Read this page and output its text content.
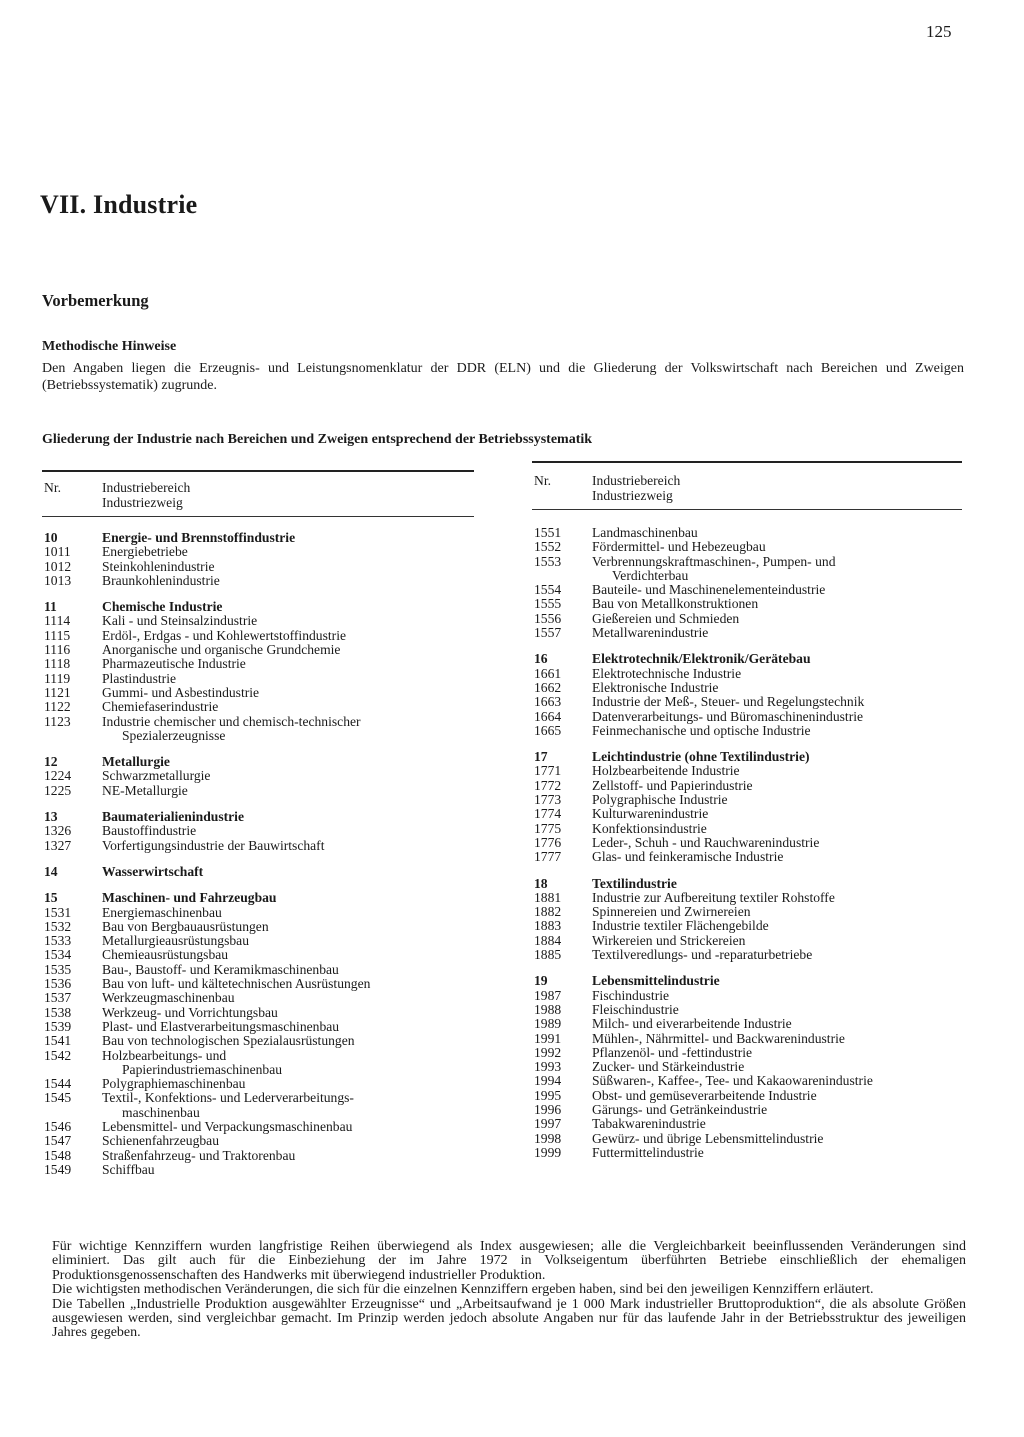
125
VII. Industrie
Vorbemerkung
Methodische Hinweise
Den Angaben liegen die Erzeugnis- und Leistungsnomenklatur der DDR (ELN) und die Gliederung der Volkswirtschaft nach Bereichen und Zweigen (Betriebssystematik) zugrunde.
Gliederung der Industrie nach Bereichen und Zweigen entsprechend der Betriebssystematik
Nr.	Industriebereich
Industriezweig
10	Energie- und Brennstoffindustrie
1011	Energiebetriebe
1012	Steinkohlenindustrie
1013	Braunkohlenindustrie
11	Chemische Industrie
1114	Kali - und Steinsalzindustrie
1115	Erdöl-, Erdgas - und Kohlewertstoffindustrie
1116	Anorganische und organische Grundchemie
1118	Pharmazeutische Industrie
1119	Plastindustrie
1121	Gummi- und Asbestindustrie
1122	Chemiefaserindustrie
1123	Industrie chemischer und chemisch-technischer
Spezialerzeugnisse
12	Metallurgie
1224	Schwarzmetallurgie
1225	NE-Metallurgie
13	Baumaterialienindustrie
1326	Baustoffindustrie
1327	Vorfertigungsindustrie der Bauwirtschaft
14	Wasserwirtschaft
15	Maschinen- und Fahrzeugbau
1531	Energiemaschinenbau
1532	Bau von Bergbauausrüstungen
1533	Metallurgieausrüstungsbau
1534	Chemieausrüstungsbau
1535	Bau-, Baustoff- und Keramikmaschinenbau
1536	Bau von luft- und kältetechnischen Ausrüstungen
1537	Werkzeugmaschinenbau
1538	Werkzeug- und Vorrichtungsbau
1539	Plast- und Elastverarbeitungsmaschinenbau
1541	Bau von technologischen Spezialausrüstungen
1542	Holzbearbeitungs- und
Papierindustriemaschinenbau
1544	Polygraphiemaschinenbau
1545	Textil-, Konfektions- und Lederverarbeitungs-
maschinenbau
1546	Lebensmittel- und Verpackungsmaschinenbau
1547	Schienenfahrzeugbau
1548	Straßenfahrzeug- und Traktorenbau
1549	Schiffbau
Nr.	Industriebereich
Industriezweig
1551	Landmaschinenbau
1552	Fördermittel- und Hebezeugbau
1553	Verbrennungskraftmaschinen-, Pumpen- und
Verdichterbau
1554	Bauteile- und Maschinenelementeindustrie
1555	Bau von Metallkonstruktionen
1556	Gießereien und Schmieden
1557	Metallwarenindustrie
16	Elektrotechnik/Elektronik/Gerätebau
1661	Elektrotechnische Industrie
1662	Elektronische Industrie
1663	Industrie der Meß-, Steuer- und Regelungstechnik
1664	Datenverarbeitungs- und Büromaschinenindustrie
1665	Feinmechanische und optische Industrie
17	Leichtindustrie (ohne Textilindustrie)
1771	Holzbearbeitende Industrie
1772	Zellstoff- und Papierindustrie
1773	Polygraphische Industrie
1774	Kulturwarenindustrie
1775	Konfektionsindustrie
1776	Leder-, Schuh - und Rauchwarenindustrie
1777	Glas- und feinkeramische Industrie
18	Textilindustrie
1881	Industrie zur Aufbereitung textiler Rohstoffe
1882	Spinnereien und Zwirnereien
1883	Industrie textiler Flächengebilde
1884	Wirkereien und Strickereien
1885	Textilveredlungs- und -reparaturbetriebe
19	Lebensmittelindustrie
1987	Fischindustrie
1988	Fleischindustrie
1989	Milch- und eiverarbeitende Industrie
1991	Mühlen-, Nährmittel- und Backwarenindustrie
1992	Pflanzenöl- und -fettindustrie
1993	Zucker- und Stärkeindustrie
1994	Süßwaren-, Kaffee-, Tee- und Kakaowarenindustrie
1995	Obst- und gemüseverarbeitende Industrie
1996	Gärungs- und Getränkeindustrie
1997	Tabakwarenindustrie
1998	Gewürz- und übrige Lebensmittelindustrie
1999	Futtermittelindustrie

Für wichtige Kennziffern wurden langfristige Reihen überwiegend als Index ausgewiesen; alle die Vergleichbarkeit beeinflussenden Veränderungen sind eliminiert. Das gilt auch für die Einbeziehung der im Jahre 1972 in Volkseigentum überführten Betriebe einschließlich der ehemaligen Produktionsgenossenschaften des Handwerks mit überwiegend industrieller Produktion.

Die wichtigsten methodischen Veränderungen, die sich für die einzelnen Kennziffern ergeben haben, sind bei den jeweiligen Kennziffern erläutert.

Die Tabellen „Industrielle Produktion ausgewählter Erzeugnisse“ und „Arbeitsaufwand je 1 000 Mark industrieller Bruttoproduktion“, die als absolute Größen ausgewiesen werden, sind vergleichbar gemacht. Im Prinzip werden jedoch absolute Angaben nur für das laufende Jahr in der Betriebsstruktur des jeweiligen Jahres gegeben.
